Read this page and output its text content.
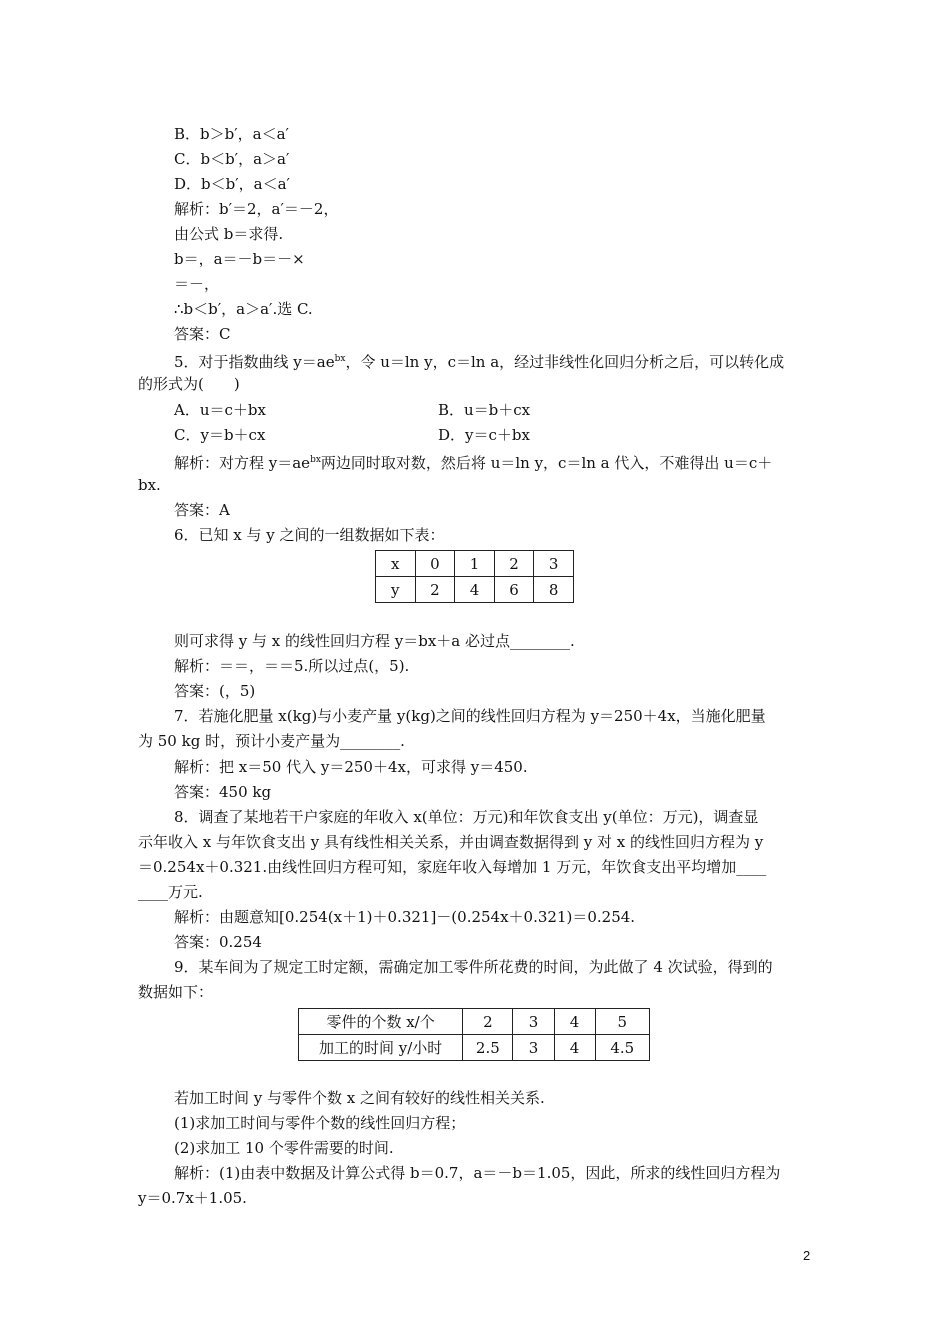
B．b＞b′，a＜a′
C．b＜b′，a＞a′
D．b＜b′，a＜a′
解析：b′＝2，a′＝－2，
由公式 b＝求得.
b＝，a＝－b＝－×
＝－，
∴b＜b′，a＞a′.选 C.
答案：C
5．对于指数曲线 $y=ae^{bx}$，令 u＝ln y，c＝ln a，经过非线性化回归分析之后，可以转化成
的形式为(　　)
A．u＝c＋bx	B．u＝b＋cx
C．y＝b＋cx	D．y＝c＋bx
解析：对方程 $y=ae^{bx}$两边同时取对数，然后将 u＝ln y，c＝ln a 代入，不难得出 u＝c＋
bx.
答案：A
6．已知 x 与 y 之间的一组数据如下表：
x	0	1	2	3
y	2	4	6	8
则可求得 y 与 x 的线性回归方程 y＝bx＋a 必过点________.
解析：＝＝，＝＝5.所以过点(，5).
答案：(，5)
7．若施化肥量 x(kg)与小麦产量 y(kg)之间的线性回归方程为 y＝250＋4x，当施化肥量
为 50 kg 时，预计小麦产量为________.
解析：把 x＝50 代入 y＝250＋4x，可求得 y＝450.
答案：450 kg
8．调查了某地若干户家庭的年收入 x(单位：万元)和年饮食支出 y(单位：万元)，调查显
示年收入 x 与年饮食支出 y 具有线性相关关系，并由调查数据得到 y 对 x 的线性回归方程为 y
＝0.254x＋0.321.由线性回归方程可知，家庭年收入每增加 1 万元，年饮食支出平均增加____
____万元.
解析：由题意知[0.254(x＋1)＋0.321]－(0.254x＋0.321)＝0.254.
答案：0.254
9．某车间为了规定工时定额，需确定加工零件所花费的时间，为此做了 4 次试验，得到的
数据如下：
零件的个数 x/个	2	3	4	5
加工的时间 y/小时	2.5	3	4	4.5
若加工时间 y 与零件个数 x 之间有较好的线性相关关系.
(1)求加工时间与零件个数的线性回归方程；
(2)求加工 10 个零件需要的时间.
解析：(1)由表中数据及计算公式得 b＝0.7，a＝－b＝1.05，因此，所求的线性回归方程为
y＝0.7x＋1.05.
2
